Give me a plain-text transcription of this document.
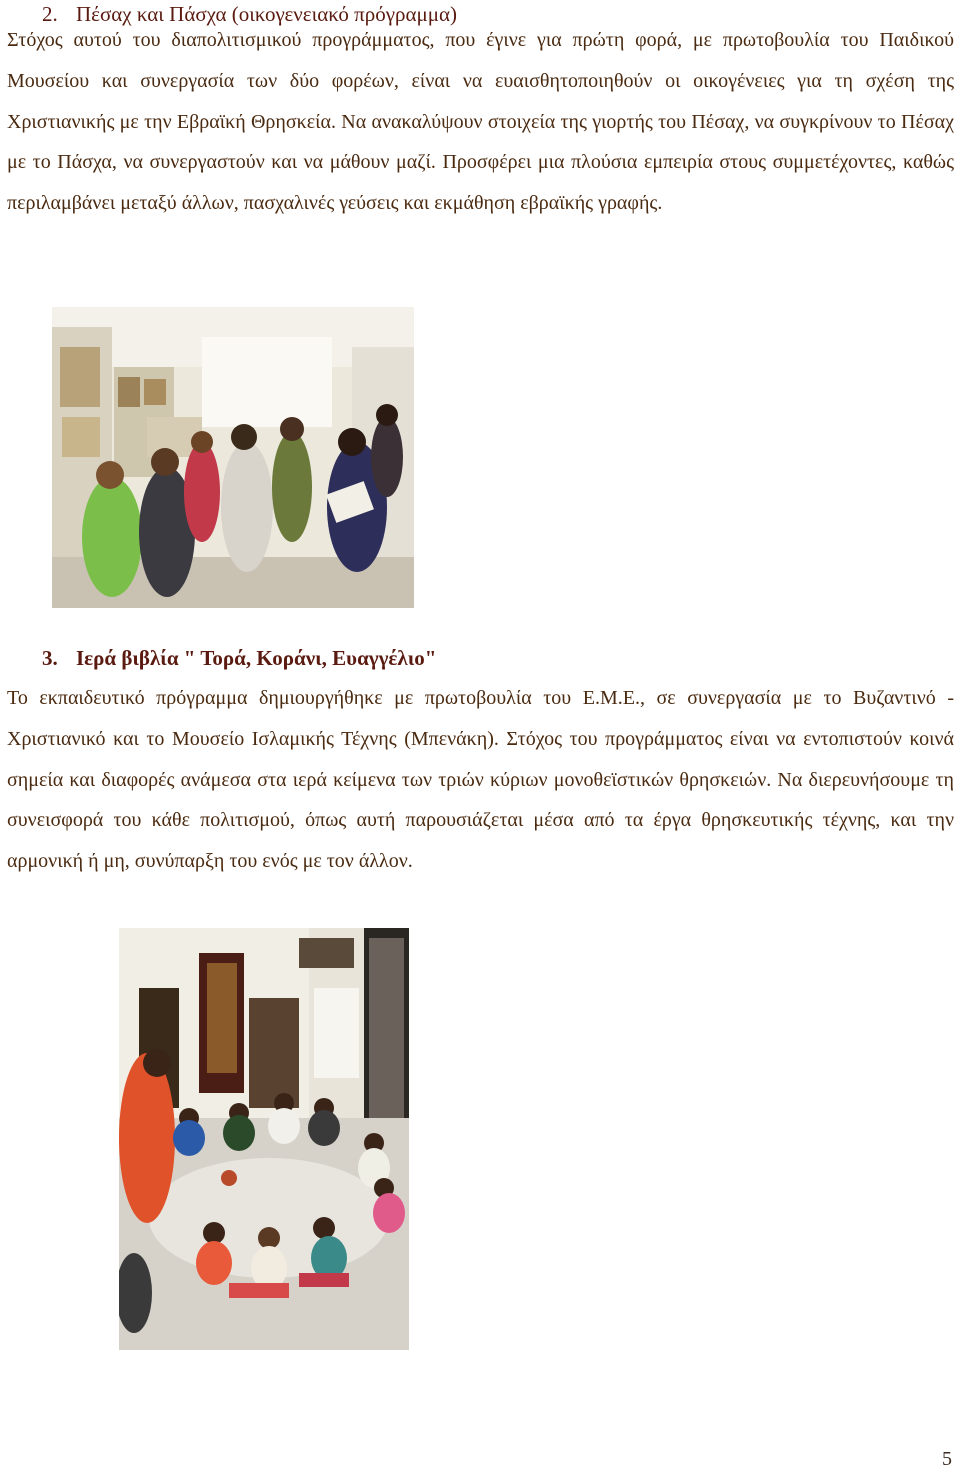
2. Πέσαχ και Πάσχα (οικογενειακό πρόγραμμα)

Στόχος αυτού του διαπολιτισμικού προγράμματος, που έγινε για πρώτη φορά, με πρωτοβουλία του Παιδικού Μουσείου και συνεργασία των δύο φορέων, είναι να ευαισθητοποιηθούν οι οικογένειες για τη σχέση της Χριστιανικής με την Εβραϊκή Θρησκεία. Να ανακαλύψουν στοιχεία της γιορτής του Πέσαχ, να συγκρίνουν το Πέσαχ με το Πάσχα, να συνεργαστούν και να μάθουν μαζί. Προσφέρει μια πλούσια εμπειρία στους συμμετέχοντες, καθώς περιλαμβάνει μεταξύ άλλων, πασχαλινές γεύσεις και εκμάθηση εβραϊκής γραφής.

3. Ιερά βιβλία " Τορά, Κοράνι, Ευαγγέλιο"

Το εκπαιδευτικό πρόγραμμα δημιουργήθηκε με πρωτοβουλία του Ε.Μ.Ε., σε συνεργασία με το Βυζαντινό - Χριστιανικό και το Μουσείο Ισλαμικής Τέχνης (Μπενάκη). Στόχος του προγράμματος είναι να εντοπιστούν κοινά σημεία και διαφορές ανάμεσα στα ιερά κείμενα των τριών κύριων μονοθεϊστικών θρησκειών. Να διερευνήσουμε τη συνεισφορά του κάθε πολιτισμού, όπως αυτή παρουσιάζεται μέσα από τα έργα θρησκευτικής τέχνης, και την αρμονική ή μη, συνύπαρξη του ενός με τον άλλον.

5
